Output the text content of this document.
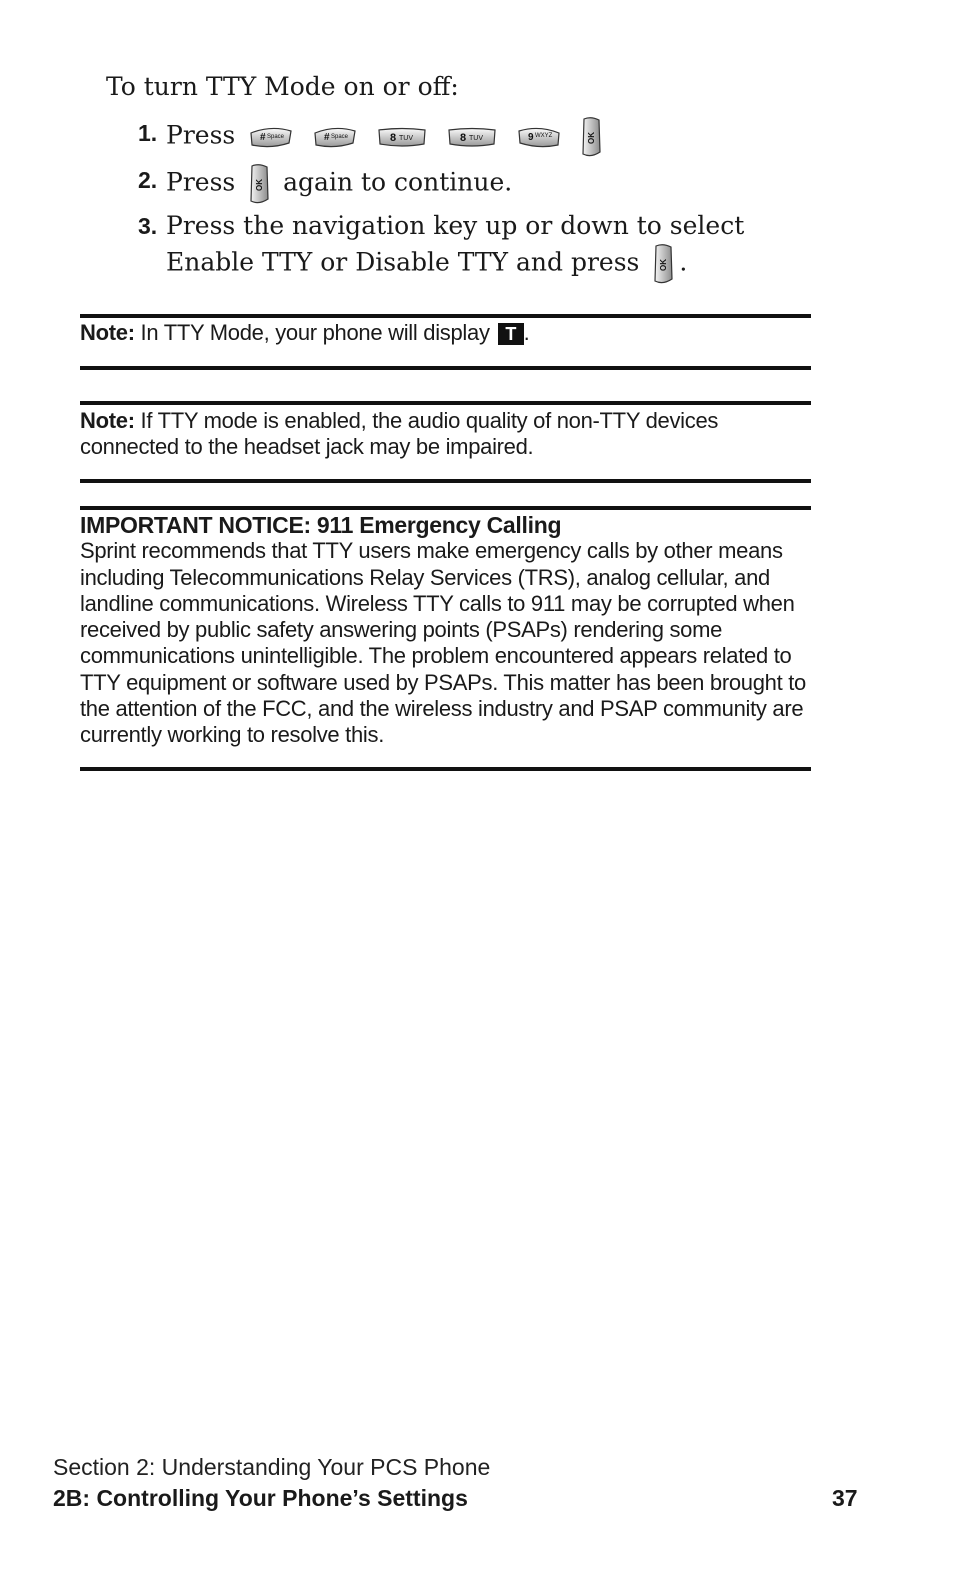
To turn TTY Mode on or off:
1. Press # Space
	# Space
	8 TUV
	8 TUV
	9 WXYZ
	OK
2. Press OK again to continue.
3. Press the navigation key up or down to select Enable TTY or Disable TTY and press OK .
Note: In TTY Mode, your phone will display T .
Note: If TTY mode is enabled, the audio quality of non-TTY devices connected to the headset jack may be impaired.
IMPORTANT NOTICE: 911 Emergency Calling
Sprint recommends that TTY users make emergency calls by other means including Telecommunications Relay Services (TRS), analog cellular, and landline communications. Wireless TTY calls to 911 may be corrupted when received by public safety answering points (PSAPs) rendering some communications unintelligible. The problem encountered appears related to TTY equipment or software used by PSAPs. This matter has been brought to the attention of the FCC, and the wireless industry and PSAP community are currently working to resolve this.
Section 2: Understanding Your PCS Phone
2B: Controlling Your Phone’s Settings	37
